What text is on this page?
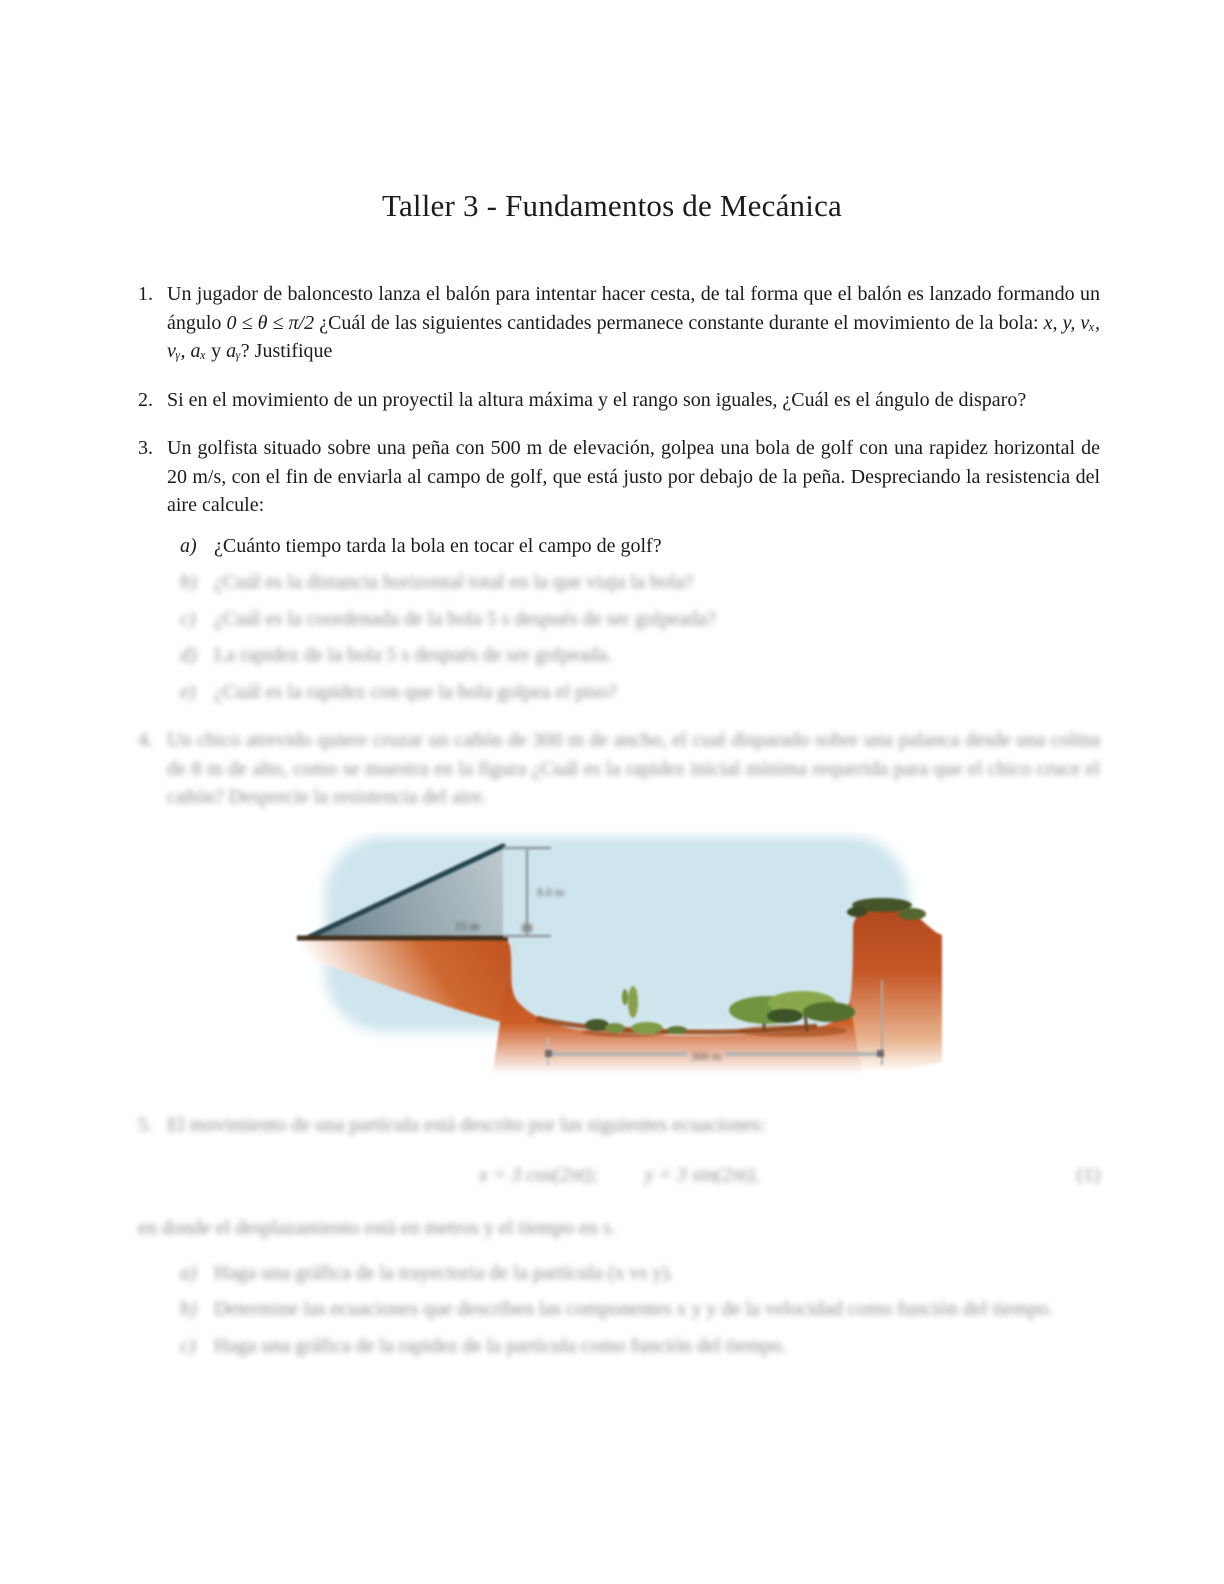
Taller 3 - Fundamentos de Mecánica
1. Un jugador de baloncesto lanza el balón para intentar hacer cesta, de tal forma que el balón es lanzado formando un ángulo 0 ≤ θ ≤ π/2 ¿Cuál de las siguientes cantidades permanece constante durante el movimiento de la bola: x, y, vₓ, vᵧ, aₓ y aᵧ? Justifique

2. Si en el movimiento de un proyectil la altura máxima y el rango son iguales, ¿Cuál es el ángulo de disparo?

3. Un golfista situado sobre una peña con 500 m de elevación, golpea una bola de golf con una rapidez horizontal de 20 m/s, con el fin de enviarla al campo de golf, que está justo por debajo de la peña. Despreciando la resistencia del aire calcule:

a) ¿Cuánto tiempo tarda la bola en tocar el campo de golf?
b) ¿Cuál es la distancia horizontal total en la que viaja la bola?
c) ¿Cuál es la coordenada de la bola 5 s después de ser golpeada?
d) La rapidez de la bola 5 s después de ser golpeada.
e) ¿Cuál es la rapidez con que la bola golpea el piso?
4. Un chico atrevido quiere cruzar un cañón de 300 m de ancho, el cual disparado sobre una palanca desde una colina de 8 m de alto, como se muestra en la figura ¿Cuál es la rapidez inicial mínima requerida para que el chico cruce el cañón? Desprecie la resistencia del aire.

15 m
8.0 m
300 m
5. El movimiento de una partícula está descrito por las siguientes ecuaciones:

x = 3 cos(2πt); y = 3 sin(2πt),	(1)

en donde el desplazamiento está en metros y el tiempo en s.

a) Haga una gráfica de la trayectoria de la partícula (x vs y).
b) Determine las ecuaciones que describen las componentes x y y de la velocidad como función del tiempo.
c) Haga una gráfica de la rapidez de la partícula como función del tiempo.
